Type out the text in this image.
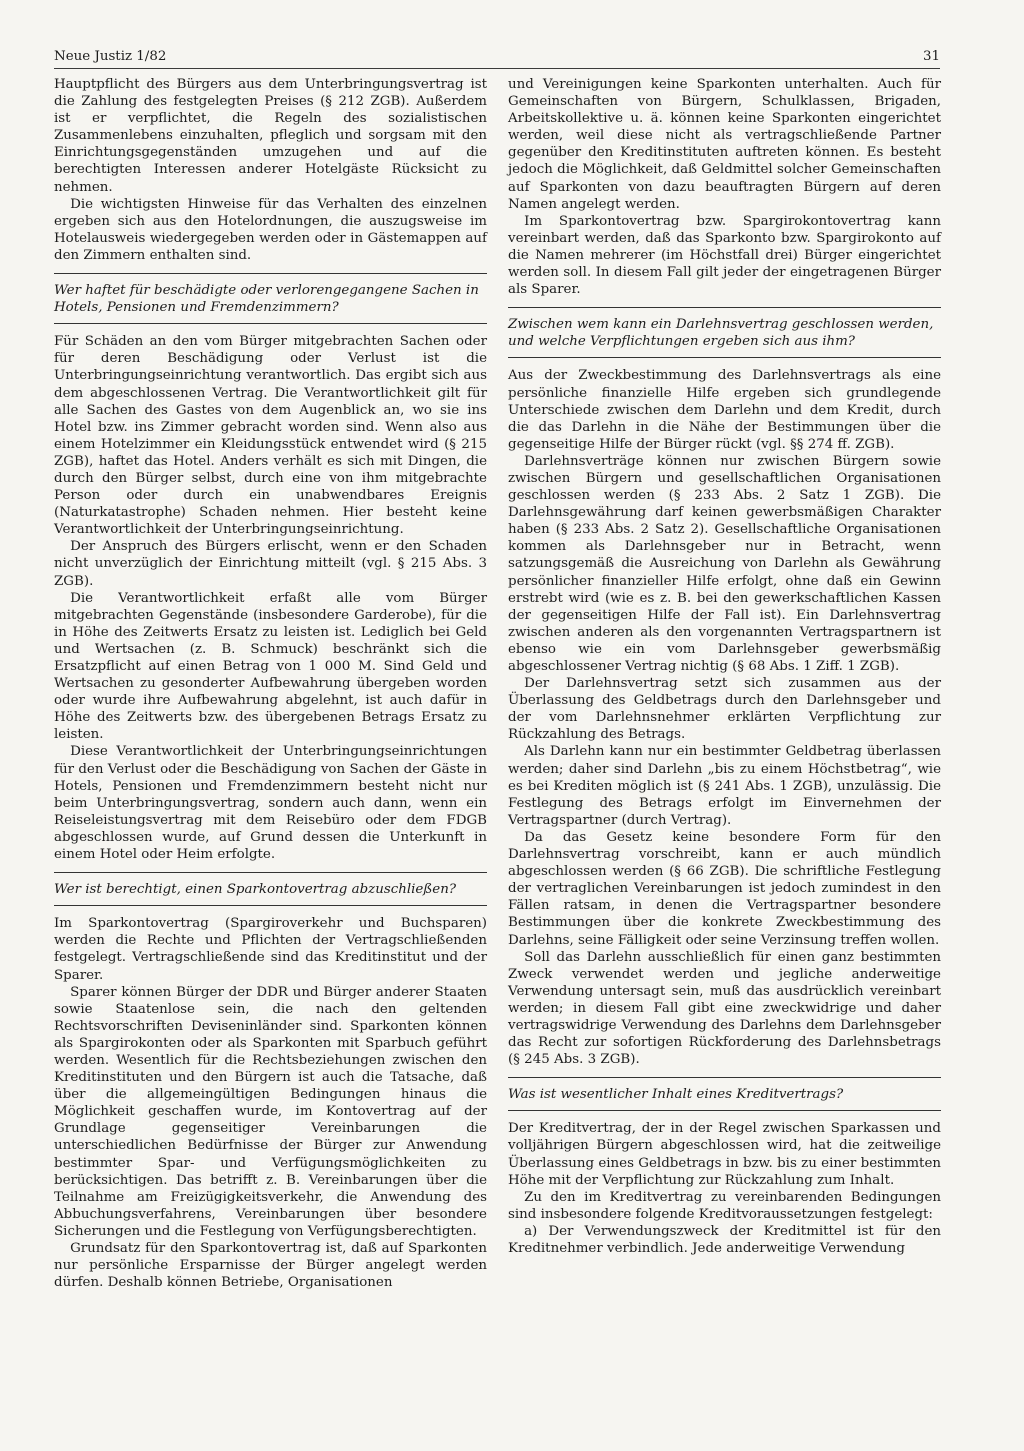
Neue Justiz 1/82	31

Hauptpflicht des Bürgers aus dem Unterbringungsvertrag ist die Zahlung des festgelegten Preises (§ 212 ZGB). Außerdem ist er verpflichtet, die Regeln des sozialistischen Zusammenlebens einzuhalten, pfleglich und sorgsam mit den Einrichtungsgegenständen umzugehen und auf die berechtigten Interessen anderer Hotelgäste Rücksicht zu nehmen.

Die wichtigsten Hinweise für das Verhalten des einzelnen ergeben sich aus den Hotelordnungen, die auszugsweise im Hotelausweis wiedergegeben werden oder in Gästemappen auf den Zimmern enthalten sind.

Wer haftet für beschädigte oder verlorengegangene Sachen in Hotels, Pensionen und Fremdenzimmern?

Für Schäden an den vom Bürger mitgebrachten Sachen oder für deren Beschädigung oder Verlust ist die Unterbringungseinrichtung verantwortlich. Das ergibt sich aus dem abgeschlossenen Vertrag. Die Verantwortlichkeit gilt für alle Sachen des Gastes von dem Augenblick an, wo sie ins Hotel bzw. ins Zimmer gebracht worden sind. Wenn also aus einem Hotelzimmer ein Kleidungsstück entwendet wird (§ 215 ZGB), haftet das Hotel. Anders verhält es sich mit Dingen, die durch den Bürger selbst, durch eine von ihm mitgebrachte Person oder durch ein unabwendbares Ereignis (Naturkatastrophe) Schaden nehmen. Hier besteht keine Verantwortlichkeit der Unterbringungseinrichtung.

Der Anspruch des Bürgers erlischt, wenn er den Schaden nicht unverzüglich der Einrichtung mitteilt (vgl. § 215 Abs. 3 ZGB).

Die Verantwortlichkeit erfaßt alle vom Bürger mitgebrachten Gegenstände (insbesondere Garderobe), für die in Höhe des Zeitwerts Ersatz zu leisten ist. Lediglich bei Geld und Wertsachen (z. B. Schmuck) beschränkt sich die Ersatzpflicht auf einen Betrag von 1 000 M. Sind Geld und Wertsachen zu gesonderter Aufbewahrung übergeben worden oder wurde ihre Aufbewahrung abgelehnt, ist auch dafür in Höhe des Zeitwerts bzw. des übergebenen Betrags Ersatz zu leisten.

Diese Verantwortlichkeit der Unterbringungseinrichtungen für den Verlust oder die Beschädigung von Sachen der Gäste in Hotels, Pensionen und Fremdenzimmern besteht nicht nur beim Unterbringungsvertrag, sondern auch dann, wenn ein Reiseleistungsvertrag mit dem Reisebüro oder dem FDGB abgeschlossen wurde, auf Grund dessen die Unterkunft in einem Hotel oder Heim erfolgte.

Wer ist berechtigt, einen Sparkontovertrag abzuschließen?

Im Sparkontovertrag (Spargiroverkehr und Buchsparen) werden die Rechte und Pflichten der Vertragschließenden festgelegt. Vertragschließende sind das Kreditinstitut und der Sparer.

Sparer können Bürger der DDR und Bürger anderer Staaten sowie Staatenlose sein, die nach den geltenden Rechtsvorschriften Deviseninländer sind. Sparkonten können als Spargirokonten oder als Sparkonten mit Sparbuch geführt werden. Wesentlich für die Rechtsbeziehungen zwischen den Kreditinstituten und den Bürgern ist auch die Tatsache, daß über die allgemeingültigen Bedingungen hinaus die Möglichkeit geschaffen wurde, im Kontovertrag auf der Grundlage gegenseitiger Vereinbarungen die unterschiedlichen Bedürfnisse der Bürger zur Anwendung bestimmter Spar- und Verfügungsmöglichkeiten zu berücksichtigen. Das betrifft z. B. Vereinbarungen über die Teilnahme am Freizügigkeitsverkehr, die Anwendung des Abbuchungsverfahrens, Vereinbarungen über besondere Sicherungen und die Festlegung von Verfügungsberechtigten.

Grundsatz für den Sparkontovertrag ist, daß auf Sparkonten nur persönliche Ersparnisse der Bürger angelegt werden dürfen. Deshalb können Betriebe, Organisationen

und Vereinigungen keine Sparkonten unterhalten. Auch für Gemeinschaften von Bürgern, Schulklassen, Brigaden, Arbeitskollektive u. ä. können keine Sparkonten eingerichtet werden, weil diese nicht als vertragschließende Partner gegenüber den Kreditinstituten auftreten können. Es besteht jedoch die Möglichkeit, daß Geldmittel solcher Gemeinschaften auf Sparkonten von dazu beauftragten Bürgern auf deren Namen angelegt werden.

Im Sparkontovertrag bzw. Spargirokontovertrag kann vereinbart werden, daß das Sparkonto bzw. Spargirokonto auf die Namen mehrerer (im Höchstfall drei) Bürger eingerichtet werden soll. In diesem Fall gilt jeder der eingetragenen Bürger als Sparer.

Zwischen wem kann ein Darlehnsvertrag geschlossen werden, und welche Verpflichtungen ergeben sich aus ihm?

Aus der Zweckbestimmung des Darlehnsvertrags als eine persönliche finanzielle Hilfe ergeben sich grundlegende Unterschiede zwischen dem Darlehn und dem Kredit, durch die das Darlehn in die Nähe der Bestimmungen über die gegenseitige Hilfe der Bürger rückt (vgl. §§ 274 ff. ZGB).

Darlehnsverträge können nur zwischen Bürgern sowie zwischen Bürgern und gesellschaftlichen Organisationen geschlossen werden (§ 233 Abs. 2 Satz 1 ZGB). Die Darlehnsgewährung darf keinen gewerbsmäßigen Charakter haben (§ 233 Abs. 2 Satz 2). Gesellschaftliche Organisationen kommen als Darlehnsgeber nur in Betracht, wenn satzungsgemäß die Ausreichung von Darlehn als Gewährung persönlicher finanzieller Hilfe erfolgt, ohne daß ein Gewinn erstrebt wird (wie es z. B. bei den gewerkschaftlichen Kassen der gegenseitigen Hilfe der Fall ist). Ein Darlehnsvertrag zwischen anderen als den vorgenannten Vertragspartnern ist ebenso wie ein vom Darlehnsgeber gewerbsmäßig abgeschlossener Vertrag nichtig (§ 68 Abs. 1 Ziff. 1 ZGB).

Der Darlehnsvertrag setzt sich zusammen aus der Überlassung des Geldbetrags durch den Darlehnsgeber und der vom Darlehnsnehmer erklärten Verpflichtung zur Rückzahlung des Betrags.

Als Darlehn kann nur ein bestimmter Geldbetrag überlassen werden; daher sind Darlehn „bis zu einem Höchstbetrag“, wie es bei Krediten möglich ist (§ 241 Abs. 1 ZGB), unzulässig. Die Festlegung des Betrags erfolgt im Einvernehmen der Vertragspartner (durch Vertrag).

Da das Gesetz keine besondere Form für den Darlehnsvertrag vorschreibt, kann er auch mündlich abgeschlossen werden (§ 66 ZGB). Die schriftliche Festlegung der vertraglichen Vereinbarungen ist jedoch zumindest in den Fällen ratsam, in denen die Vertragspartner besondere Bestimmungen über die konkrete Zweckbestimmung des Darlehns, seine Fälligkeit oder seine Verzinsung treffen wollen.

Soll das Darlehn ausschließlich für einen ganz bestimmten Zweck verwendet werden und jegliche anderweitige Verwendung untersagt sein, muß das ausdrücklich vereinbart werden; in diesem Fall gibt eine zweckwidrige und daher vertragswidrige Verwendung des Darlehns dem Darlehnsgeber das Recht zur sofortigen Rückforderung des Darlehnsbetrags (§ 245 Abs. 3 ZGB).

Was ist wesentlicher Inhalt eines Kreditvertrags?

Der Kreditvertrag, der in der Regel zwischen Sparkassen und volljährigen Bürgern abgeschlossen wird, hat die zeitweilige Überlassung eines Geldbetrags in bzw. bis zu einer bestimmten Höhe mit der Verpflichtung zur Rückzahlung zum Inhalt.

Zu den im Kreditvertrag zu vereinbarenden Bedingungen sind insbesondere folgende Kreditvoraussetzungen festgelegt:

a) Der Verwendungszweck der Kreditmittel ist für den Kreditnehmer verbindlich. Jede anderweitige Verwendung
